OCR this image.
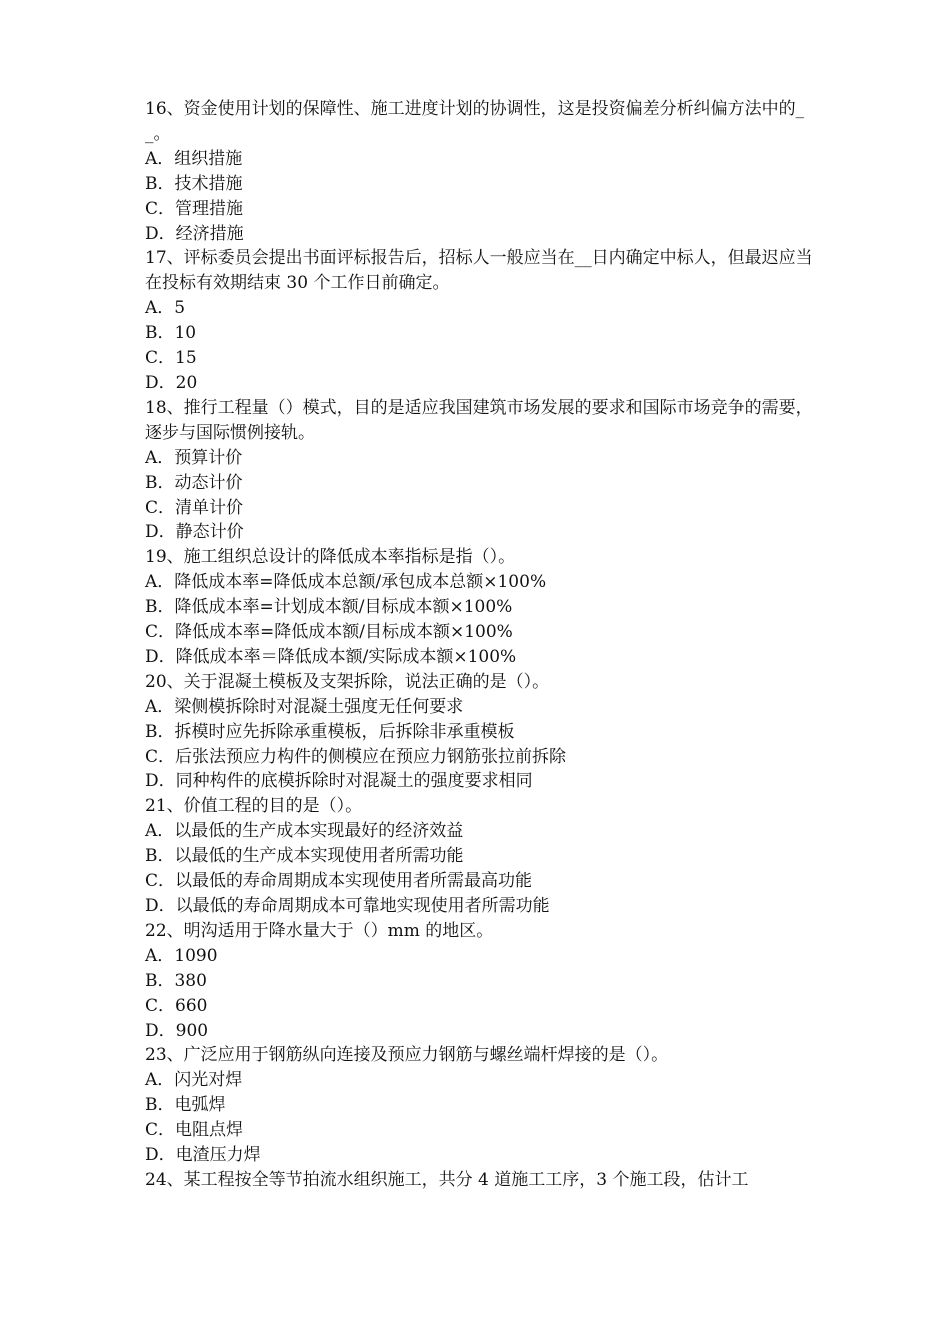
16、资金使用计划的保障性、施工进度计划的协调性，这是投资偏差分析纠偏方法中的__。
A．组织措施
B．技术措施
C．管理措施
D．经济措施
17、评标委员会提出书面评标报告后，招标人一般应当在__日内确定中标人，但最迟应当在投标有效期结束 30 个工作日前确定。
A．5
B．10
C．15
D．20
18、推行工程量（）模式，目的是适应我国建筑市场发展的要求和国际市场竞争的需要，逐步与国际惯例接轨。
A．预算计价
B．动态计价
C．清单计价
D．静态计价
19、施工组织总设计的降低成本率指标是指（）。
A．降低成本率=降低成本总额/承包成本总额×100%
B．降低成本率=计划成本额/目标成本额×100%
C．降低成本率=降低成本额/目标成本额×100%
D．降低成本率＝降低成本额/实际成本额×100%
20、关于混凝土模板及支架拆除，说法正确的是（）。
A．梁侧模拆除时对混凝土强度无任何要求
B．拆模时应先拆除承重模板，后拆除非承重模板
C．后张法预应力构件的侧模应在预应力钢筋张拉前拆除
D．同种构件的底模拆除时对混凝土的强度要求相同
21、价值工程的目的是（）。
A．以最低的生产成本实现最好的经济效益
B．以最低的生产成本实现使用者所需功能
C．以最低的寿命周期成本实现使用者所需最高功能
D．以最低的寿命周期成本可靠地实现使用者所需功能
22、明沟适用于降水量大于（）mm 的地区。
A．1090
B．380
C．660
D．900
23、广泛应用于钢筋纵向连接及预应力钢筋与螺丝端杆焊接的是（）。
A．闪光对焊
B．电弧焊
C．电阻点焊
D．电渣压力焊
24、某工程按全等节拍流水组织施工，共分 4 道施工工序，3 个施工段，估计工
